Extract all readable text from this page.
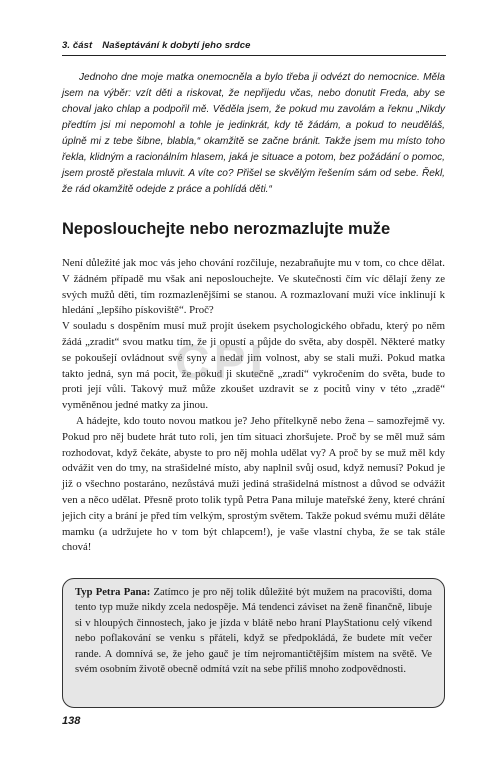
3. část Našeptávání k dobytí jeho srdce
Jednoho dne moje matka onemocněla a bylo třeba ji odvézt do nemocnice. Měla jsem na výběr: vzít děti a riskovat, že nepřijedu včas, nebo donutit Freda, aby se choval jako chlap a podpořil mě. Věděla jsem, že pokud mu zavolám a řeknu „Nikdy předtím jsi mi nepomohl a tohle je jedinkrát, kdy tě žádám, a pokud to neuděláš, úplně mi z tebe šibne, blabla,“ okamžitě se začne bránit. Takže jsem mu místo toho řekla, klidným a racionálním hlasem, jaká je situace a potom, bez požádání o pomoc, jsem prostě přestala mluvit. A víte co? Přišel se skvělým řešením sám od sebe. Řekl, že rád okamžitě odejde z práce a pohlídá děti.“
Neposlouchejte nebo nerozmazlujte muže

Není důležité jak moc vás jeho chování rozčiluje, nezabraňujte mu v tom, co chce dělat. V žádném případě mu však ani neposlouchejte. Ve skutečnosti čím víc dělají ženy ze svých mužů děti, tím rozmazlenějšími se stanou. A rozmazlovaní muži více inklinují k hledání „lepšího pískoviště“. Proč?

V souladu s dospěním musí muž projít úsekem psychologického obřadu, který po něm žádá „zradit“ svou matku tím, že ji opustí a půjde do světa, aby dospěl. Některé matky se pokoušejí ovládnout své syny a nedat jim volnost, aby se stali muži. Pokud matka takto jedná, syn má pocit, že pokud ji skutečně „zradí“ vykročením do světa, bude to proti její vůli. Takový muž může zkoušet uzdravit se z pocitů viny v této „zradě“ vyměněnou jedné matky za jinou.

A hádejte, kdo touto novou matkou je? Jeho přítelkyně nebo žena – samozřejmě vy. Pokud pro něj budete hrát tuto roli, jen tím situaci zhoršujete. Proč by se měl muž sám rozhodovat, když čekáte, abyste to pro něj mohla udělat vy? A proč by se muž měl kdy odvážit ven do tmy, na strašidelné místo, aby naplnil svůj osud, když nemusí? Pokud je již o všechno postaráno, nezůstává muži jediná strašidelná místnost a důvod se odvážit ven a něco udělat. Přesně proto tolik typů Petra Pana miluje mateřské ženy, které chrání jejich city a brání je před tím velkým, sprostým světem. Takže pokud svému muži děláte mamku (a udržujete ho v tom být chlapcem!), je vaše vlastní chyba, že se tak stále chová!

CPI
Typ Petra Pana: Zatímco je pro něj tolik důležité být mužem na pracovišti, doma tento typ muže nikdy zcela nedospěje. Má tendenci záviset na ženě finančně, libuje si v hloupých činnostech, jako je jízda v blátě nebo hraní PlayStationu celý víkend nebo poflakování se venku s přáteli, když se předpokládá, že budete mít večer rande. A domnívá se, že jeho gauč je tím nejromantičtějším místem na světě. Ve svém osobním životě obecně odmítá vzít na sebe příliš mnoho zodpovědnosti.
138
